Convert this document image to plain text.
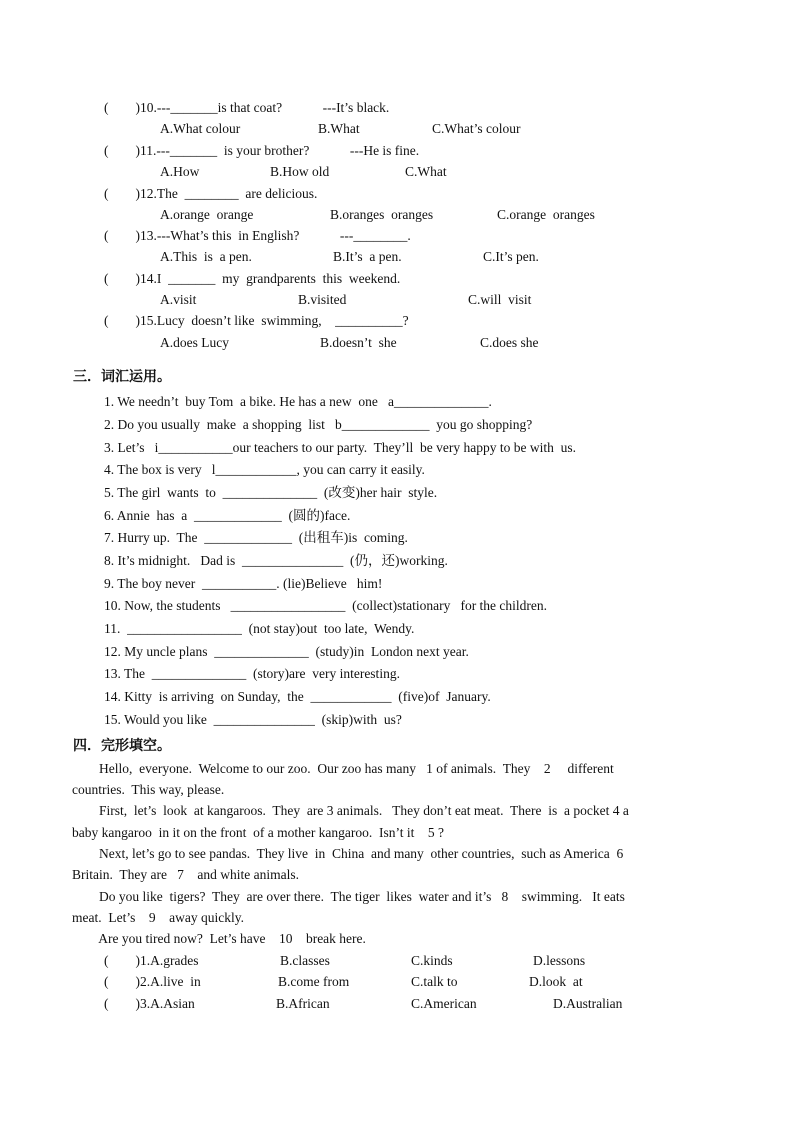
(        )10.---_______is that coat?            ---It’s black.
A.What colour	B.What	C.What’s colour
(        )11.---_______  is your brother?            ---He is fine.
A.How	B.How old	C.What
(        )12.The  ________  are delicious.
A.orange  orange	B.oranges  oranges	C.orange  oranges
(        )13.---What’s this  in English?            ---________.
A.This  is  a pen.	B.It’s  a pen.	C.It’s pen.
(        )14.I  _______  my  grandparents  this  weekend.
A.visit	B.visited	C.will  visit
(        )15.Lucy  doesn’t like  swimming,    __________?
A.does Lucy	B.doesn’t  she	C.does she
三．词汇运用。
1. We needn’t  buy Tom  a bike. He has a new  one   a______________.
2. Do you usually  make  a shopping  list   b_____________  you go shopping?
3. Let’s   i___________our teachers to our party.  They’ll  be very happy to be with  us.
4. The box is very   l____________, you can carry it easily.
5. The girl  wants  to  ______________  (改变)her hair  style.
6. Annie  has  a  _____________  (圆的)face.
7. Hurry up.  The  _____________  (出租车)is  coming.
8. It’s midnight.   Dad is  _______________  (仍，还)working.
9. The boy never  ___________. (lie)Believe   him!
10. Now, the students   _________________  (collect)stationary   for the children.
11.  _________________  (not stay)out  too late,  Wendy.
12. My uncle plans  ______________  (study)in  London next year.
13. The  ______________  (story)are  very interesting.
14. Kitty  is arriving  on Sunday,  the  ____________  (five)of  January.
15. Would you like  _______________  (skip)with  us?
四．完形填空。
Hello,  everyone.  Welcome to our zoo.  Our zoo has many   1 of animals.  They    2     different
countries.  This way, please.
First,  let’s  look  at kangaroos.  They  are 3 animals.   They don’t eat meat.  There  is  a pocket 4 a
baby kangaroo  in it on the front  of a mother kangaroo.  Isn’t it    5 ?
Next, let’s go to see pandas.  They live  in  China  and many  other countries,  such as America  6
Britain.  They are   7    and white animals.
Do you like  tigers?  They  are over there.  The tiger  likes  water and it’s   8    swimming.   It eats
meat.  Let’s    9    away quickly.
Are you tired now?  Let’s have    10    break here.
(        )1.A.grades	B.classes	C.kinds	D.lessons
(        )2.A.live  in	B.come from	C.talk to	D.look  at
(        )3.A.Asian	B.African	C.American	D.Australian
